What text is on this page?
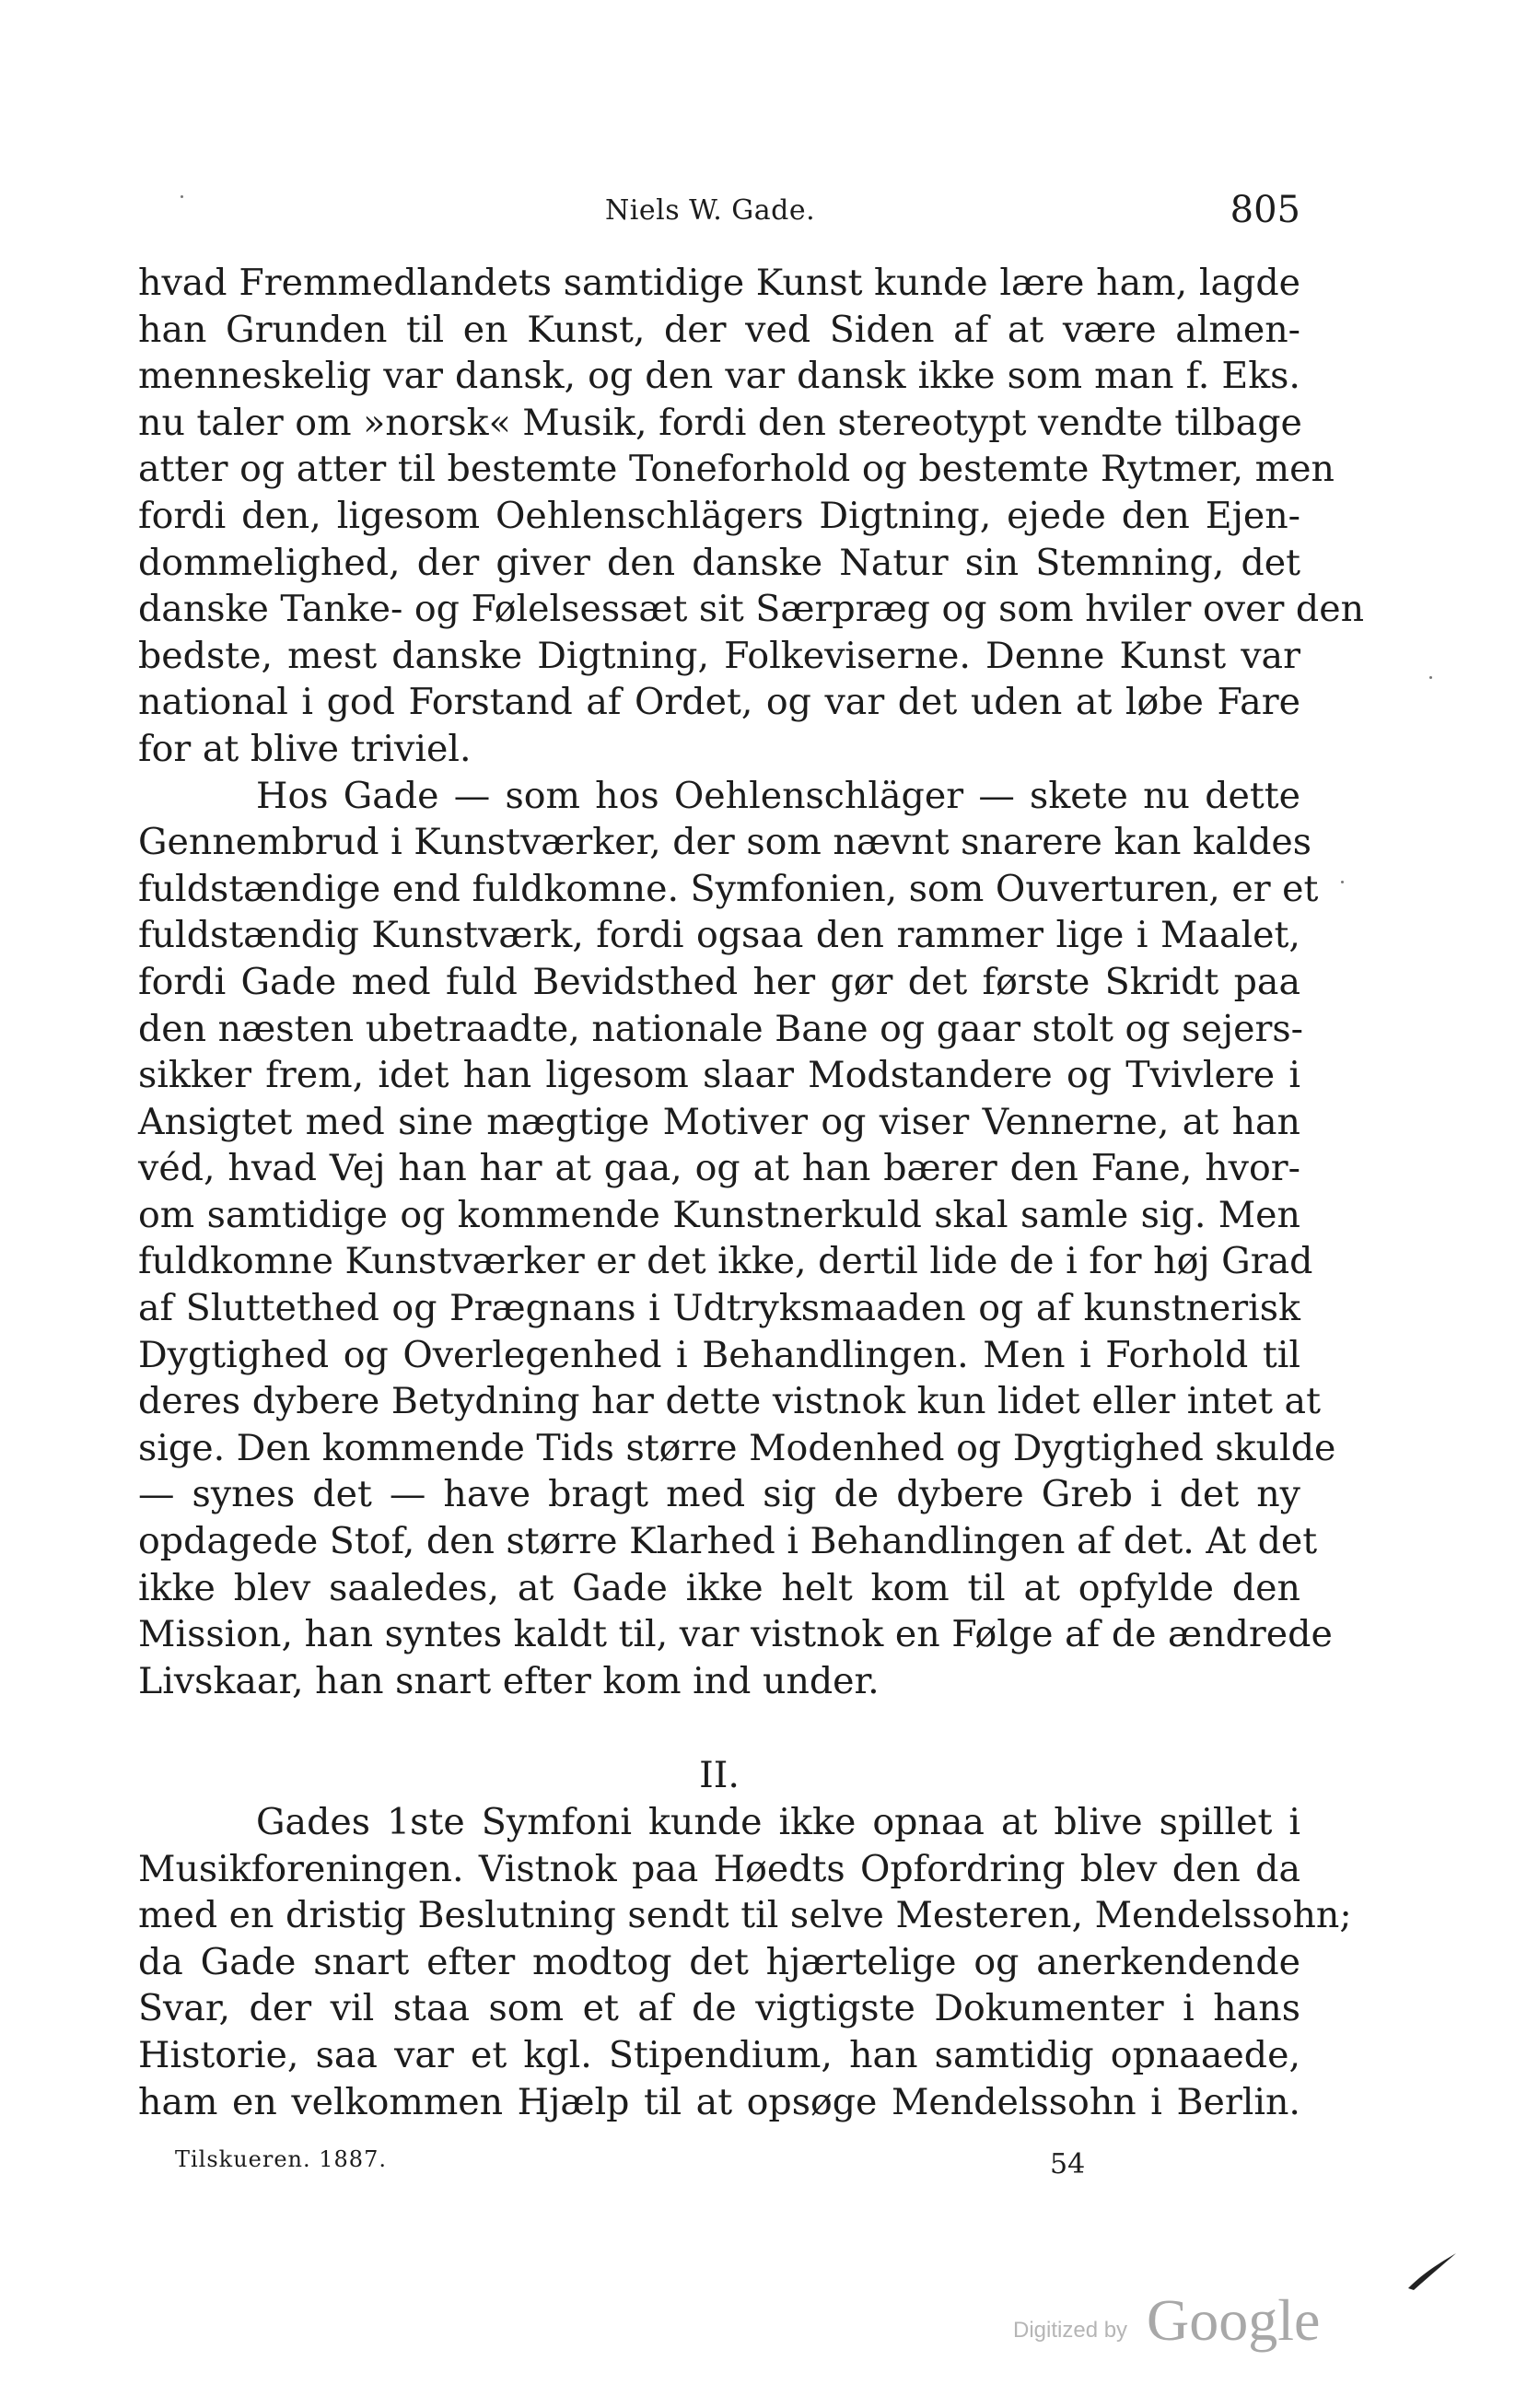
Niels W. Gade.	805
hvad Fremmedlandets samtidige Kunst kunde lære ham, lagde
han Grunden til en Kunst, der ved Siden af at være almen-
menneskelig var dansk, og den var dansk ikke som man f. Eks.
nu taler om »norsk« Musik, fordi den stereotypt vendte tilbage
atter og atter til bestemte Toneforhold og bestemte Rytmer, men
fordi den, ligesom Oehlenschlägers Digtning, ejede den Ejen-
dommelighed, der giver den danske Natur sin Stemning, det
danske Tanke- og Følelsessæt sit Særpræg og som hviler over den
bedste, mest danske Digtning, Folkeviserne. Denne Kunst var
national i god Forstand af Ordet, og var det uden at løbe Fare
for at blive triviel.
Hos Gade — som hos Oehlenschläger — skete nu dette
Gennembrud i Kunstværker, der som nævnt snarere kan kaldes
fuldstændige end fuldkomne. Symfonien, som Ouverturen, er et
fuldstændig Kunstværk, fordi ogsaa den rammer lige i Maalet,
fordi Gade med fuld Bevidsthed her gør det første Skridt paa
den næsten ubetraadte, nationale Bane og gaar stolt og sejers-
sikker frem, idet han ligesom slaar Modstandere og Tvivlere i
Ansigtet med sine mægtige Motiver og viser Vennerne, at han
véd, hvad Vej han har at gaa, og at han bærer den Fane, hvor-
om samtidige og kommende Kunstnerkuld skal samle sig. Men
fuldkomne Kunstværker er det ikke, dertil lide de i for høj Grad
af Sluttethed og Prægnans i Udtryksmaaden og af kunstnerisk
Dygtighed og Overlegenhed i Behandlingen. Men i Forhold til
deres dybere Betydning har dette vistnok kun lidet eller intet at
sige. Den kommende Tids større Modenhed og Dygtighed skulde
— synes det — have bragt med sig de dybere Greb i det ny
opdagede Stof, den større Klarhed i Behandlingen af det. At det
ikke blev saaledes, at Gade ikke helt kom til at opfylde den
Mission, han syntes kaldt til, var vistnok en Følge af de ændrede
Livskaar, han snart efter kom ind under.
II.
Gades 1ste Symfoni kunde ikke opnaa at blive spillet i
Musikforeningen. Vistnok paa Høedts Opfordring blev den da
med en dristig Beslutning sendt til selve Mesteren, Mendelssohn;
da Gade snart efter modtog det hjærtelige og anerkendende
Svar, der vil staa som et af de vigtigste Dokumenter i hans
Historie, saa var et kgl. Stipendium, han samtidig opnaaede,
ham en velkommen Hjælp til at opsøge Mendelssohn i Berlin.
Tilskueren. 1887.	54
Digitized by Google
